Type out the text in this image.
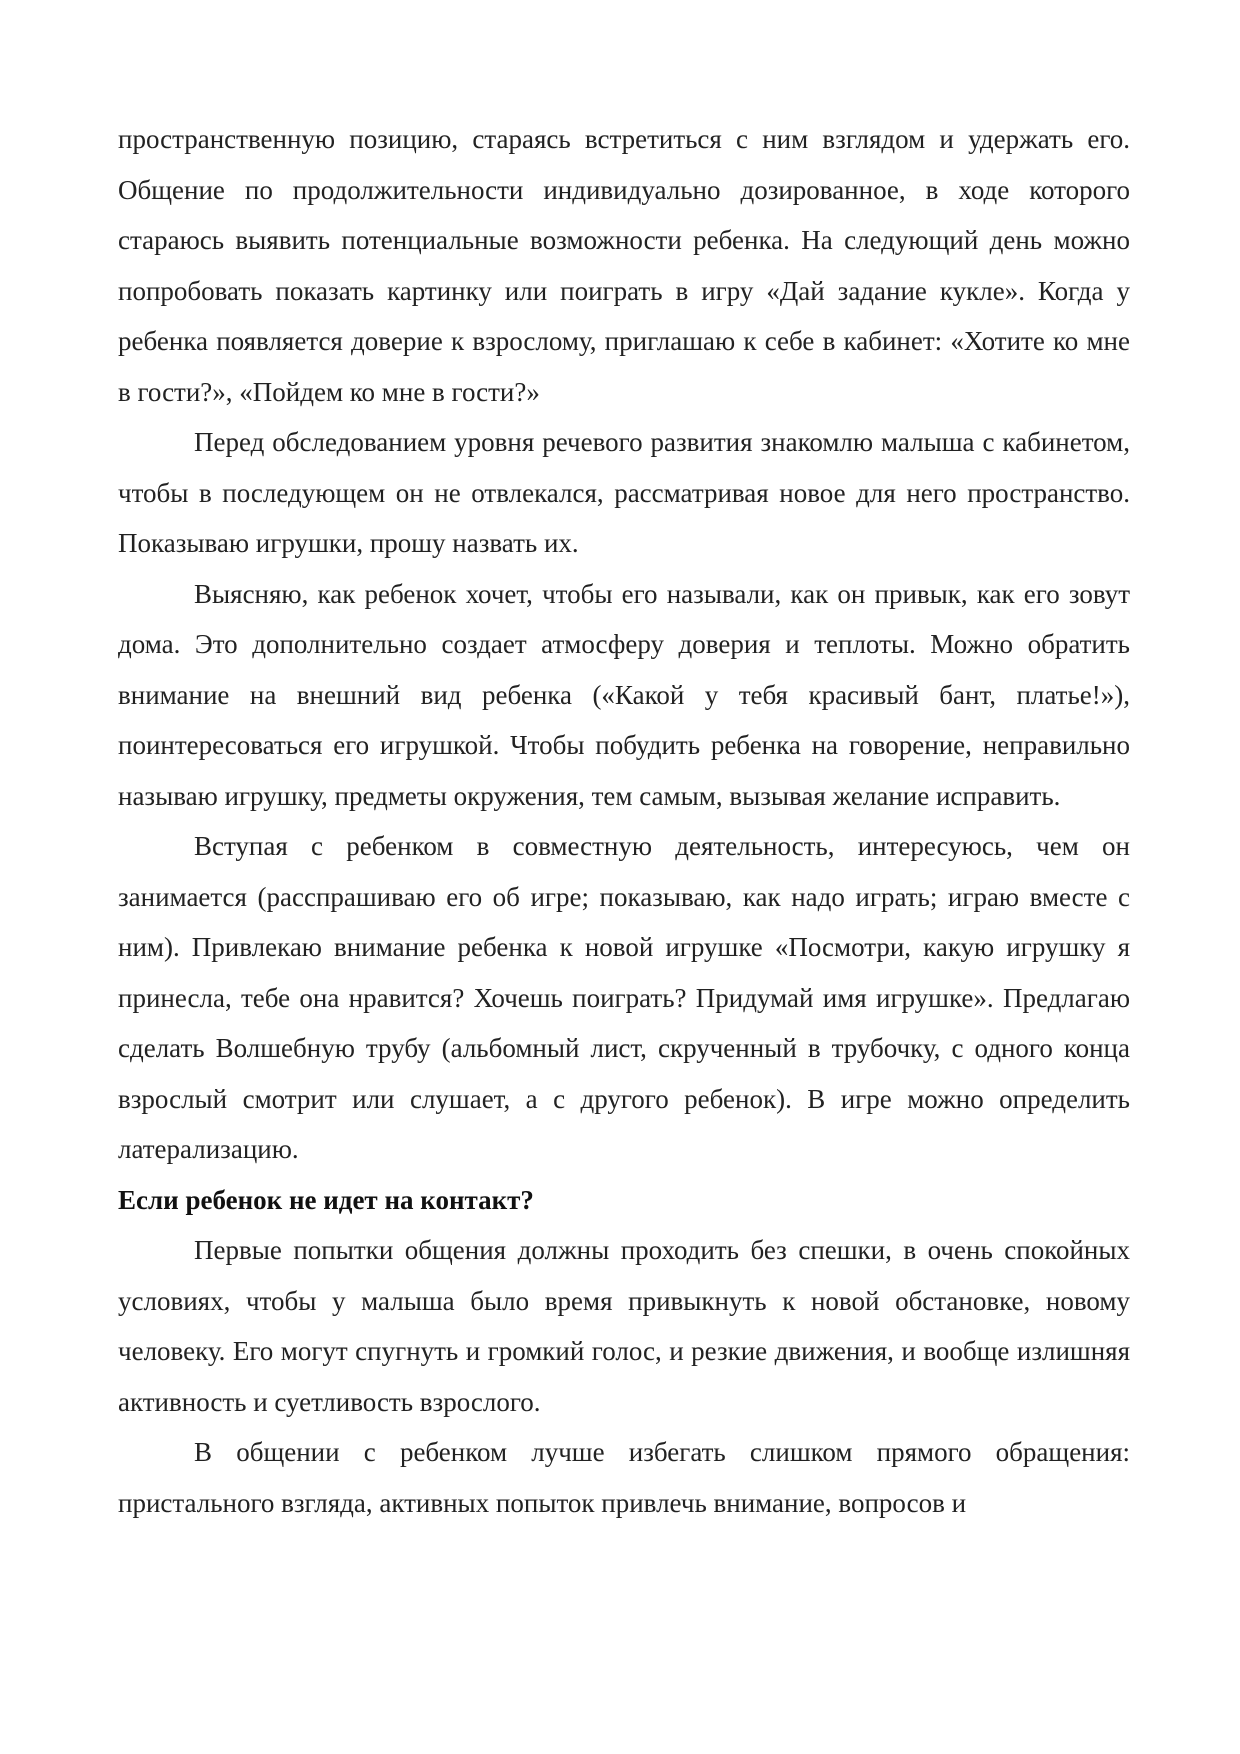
пространственную позицию, стараясь встретиться с ним взглядом и удержать его. Общение по продолжительности индивидуально дозированное, в ходе которого стараюсь выявить потенциальные возможности ребенка. На следующий день можно попробовать показать картинку или поиграть в игру «Дай задание кукле». Когда у ребенка появляется доверие к взрослому, приглашаю к себе в кабинет: «Хотите ко мне в гости?», «Пойдем ко мне в гости?»

Перед обследованием уровня речевого развития знакомлю малыша с кабинетом, чтобы в последующем он не отвлекался, рассматривая новое для него пространство. Показываю игрушки, прошу назвать их.

Выясняю, как ребенок хочет, чтобы его называли, как он привык, как его зовут дома. Это дополнительно создает атмосферу доверия и теплоты. Можно обратить внимание на внешний вид ребенка («Какой у тебя красивый бант, платье!»), поинтересоваться его игрушкой. Чтобы побудить ребенка на говорение, неправильно называю игрушку, предметы окружения, тем самым, вызывая желание исправить.

Вступая с ребенком в совместную деятельность, интересуюсь, чем он занимается (расспрашиваю его об игре; показываю, как надо играть; играю вместе с ним). Привлекаю внимание ребенка к новой игрушке «Посмотри, какую игрушку я принесла, тебе она нравится? Хочешь поиграть? Придумай имя игрушке». Предлагаю сделать Волшебную трубу (альбомный лист, скрученный в трубочку, с одного конца взрослый смотрит или слушает, а с другого ребенок). В игре можно определить латерализацию.

Если ребенок не идет на контакт?

Первые попытки общения должны проходить без спешки, в очень спокойных условиях, чтобы у малыша было время привыкнуть к новой обстановке, новому человеку. Его могут спугнуть и громкий голос, и резкие движения, и вообще излишняя активность и суетливость взрослого.

В общении с ребенком лучше избегать слишком прямого обращения: пристального взгляда, активных попыток привлечь внимание, вопросов и
